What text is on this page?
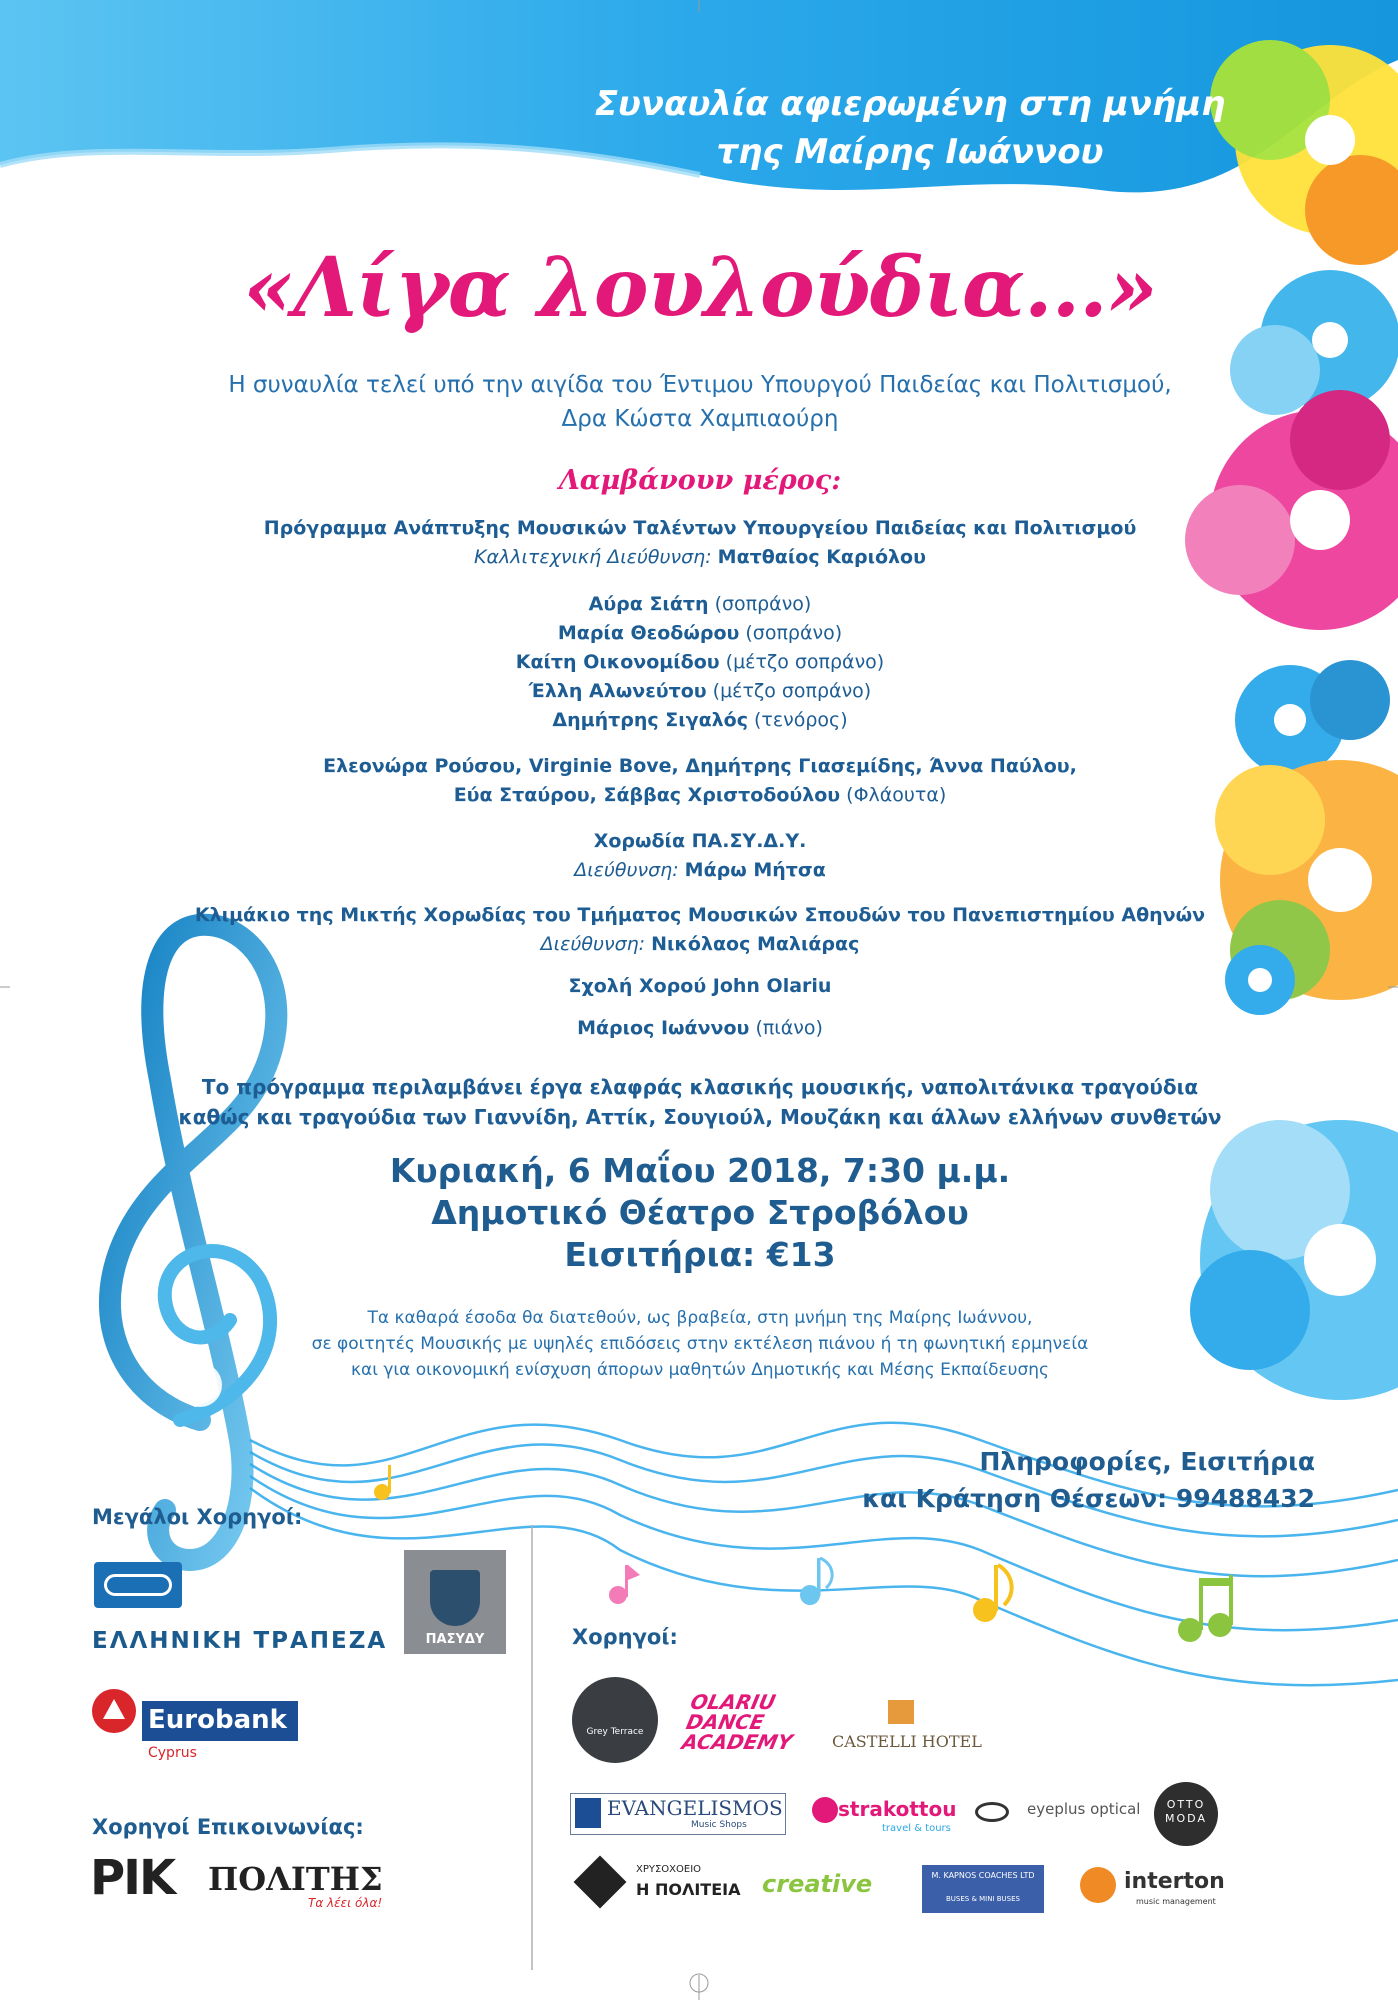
Συναυλία αφιερωμένη στη μνήμη
της Μαίρης Ιωάννου
«Λίγα λουλούδια...»
Η συναυλία τελεί υπό την αιγίδα του Έντιμου Υπουργού Παιδείας και Πολιτισμού,
Δρα Κώστα Χαμπιαούρη
Λαμβάνουν μέρος:
Πρόγραμμα Ανάπτυξης Μουσικών Ταλέντων Υπουργείου Παιδείας και Πολιτισμού
Καλλιτεχνική Διεύθυνση: Ματθαίος Καριόλου
Αύρα Σιάτη (σοπράνο)
Μαρία Θεοδώρου (σοπράνο)
Καίτη Οικονομίδου (μέτζο σοπράνο)
Έλλη Αλωνεύτου (μέτζο σοπράνο)
Δημήτρης Σιγαλός (τενόρος)
Ελεονώρα Ρούσου, Virginie Bove, Δημήτρης Γιασεμίδης, Άννα Παύλου,
Εύα Σταύρου, Σάββας Χριστοδούλου (Φλάουτα)
Χορωδία ΠΑ.ΣΥ.Δ.Υ.
Διεύθυνση: Μάρω Μήτσα
Κλιμάκιο της Μικτής Χορωδίας του Τμήματος Μουσικών Σπουδών του Πανεπιστημίου Αθηνών
Διεύθυνση: Νικόλαος Μαλιάρας
Σχολή Χορού John Olariu
Μάριος Ιωάννου (πιάνο)
Το πρόγραμμα περιλαμβάνει έργα ελαφράς κλασικής μουσικής, ναπολιτάνικα τραγούδια
καθώς και τραγούδια των Γιαννίδη, Αττίκ, Σουγιούλ, Μουζάκη και άλλων ελλήνων συνθετών
Κυριακή, 6 Μαΐου 2018, 7:30 μ.μ.
Δημοτικό Θέατρο Στροβόλου
Εισιτήρια: €13
Τα καθαρά έσοδα θα διατεθούν, ως βραβεία, στη μνήμη της Μαίρης Ιωάννου,
σε φοιτητές Μουσικής με υψηλές επιδόσεις στην εκτέλεση πιάνου ή τη φωνητική ερμηνεία
και για οικονομική ενίσχυση άπορων μαθητών Δημοτικής και Μέσης Εκπαίδευσης
Πληροφορίες, Εισιτήρια
και Κράτηση Θέσεων: 99488432
Μεγάλοι Χορηγοί:
ΕΛΛΗΝΙΚΗ ΤΡΑΠΕΖΑ	ΠΑΣΥΔΥ
Eurobank
Cyprus
Χορηγοί Επικοινωνίας:
ΡΙΚ ΠΟΛΙΤΗΣ
Τα λέει όλα!
Χορηγοί:
Grey Terrace
OLARIU
DANCE
ACADEMY CASTELLI HOTEL
EVANGELISMOS
Music Shops
strakottou
travel & tours
eyeplus optical	OTTO
MODA
ΧΡΥΣΟΧΟΕΙΟ
Η ΠΟΛΙΤΕΙΑ creative	M. KAPNOS COACHES LTD
BUSES & MINI BUSES
interton
music management
